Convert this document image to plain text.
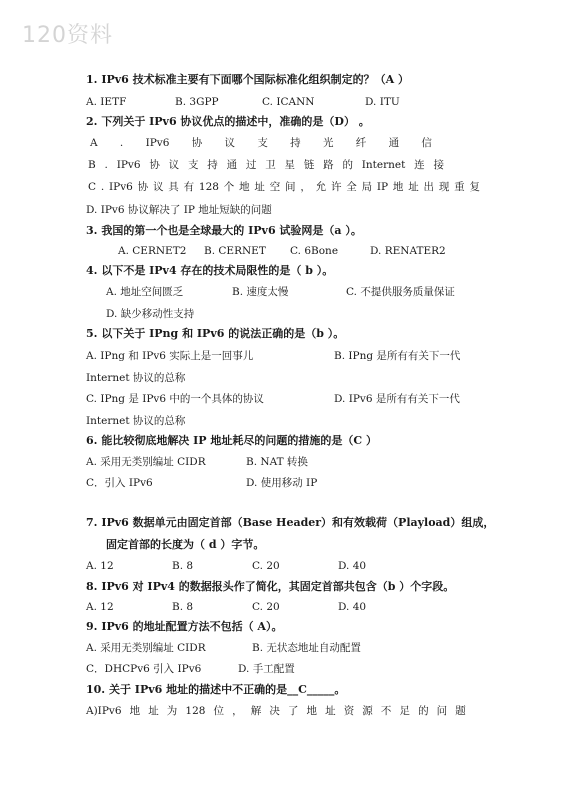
120资料
1. IPv6 技术标准主要有下面哪个国际标准化组织制定的？（A ）
A. IETF	B. 3GPP	C. ICANN	D. ITU
2. 下列关于 IPv6 协议优点的描述中，准确的是（D） 。
A . IPv6 协 议 支 持 光 纤 通 信
B . IPv6 协 议 支 持 通 过 卫 星 链 路 的 Internet 连 接
C . IPv6 协 议 具 有 128 个 地 址 空 间 ， 允 许 全 局 IP 地 址 出 现 重 复
D. IPv6 协议解决了 IP 地址短缺的问题
3. 我国的第一个也是全球最大的 IPv6 试验网是（a ）。
A. CERNET2 B. CERNET C. 6Bone	D. RENATER2
4. 以下不是 IPv4 存在的技术局限性的是（ b ）。
A. 地址空间匮乏	B. 速度太慢	C. 不提供服务质量保证
D. 缺少移动性支持
5. 以下关于 IPng 和 IPv6 的说法正确的是（b ）。
A. IPng 和 IPv6 实际上是一回事儿	B. IPng 是所有有关下一代
Internet 协议的总称
C. IPng 是 IPv6 中的一个具体的协议	D. IPv6 是所有有关下一代
Internet 协议的总称
6. 能比较彻底地解决 IP 地址耗尽的问题的措施的是（C ）
A. 采用无类别编址 CIDR	B. NAT 转换
C．引入 IPv6	D. 使用移动 IP
7. IPv6 数据单元由固定首部（Base Header）和有效载荷（Playload）组成，
固定首部的长度为（ d ）字节。
A. 12	B. 8	C. 20	D. 40
8. IPv6 对 IPv4 的数据报头作了简化，其固定首部共包含（b ）个字段。
A. 12	B. 8	C. 20	D. 40
9. IPv6 的地址配置方法不包括（ A）。
A. 采用无类别编址 CIDR	B. 无状态地址自动配置
C．DHCPv6 引入 IPv6	D. 手工配置
10. 关于 IPv6 地址的描述中不正确的是__C_____。
A)IPv6 地 址 为 128 位 ， 解 决 了 地 址 资 源 不 足 的 问 题
